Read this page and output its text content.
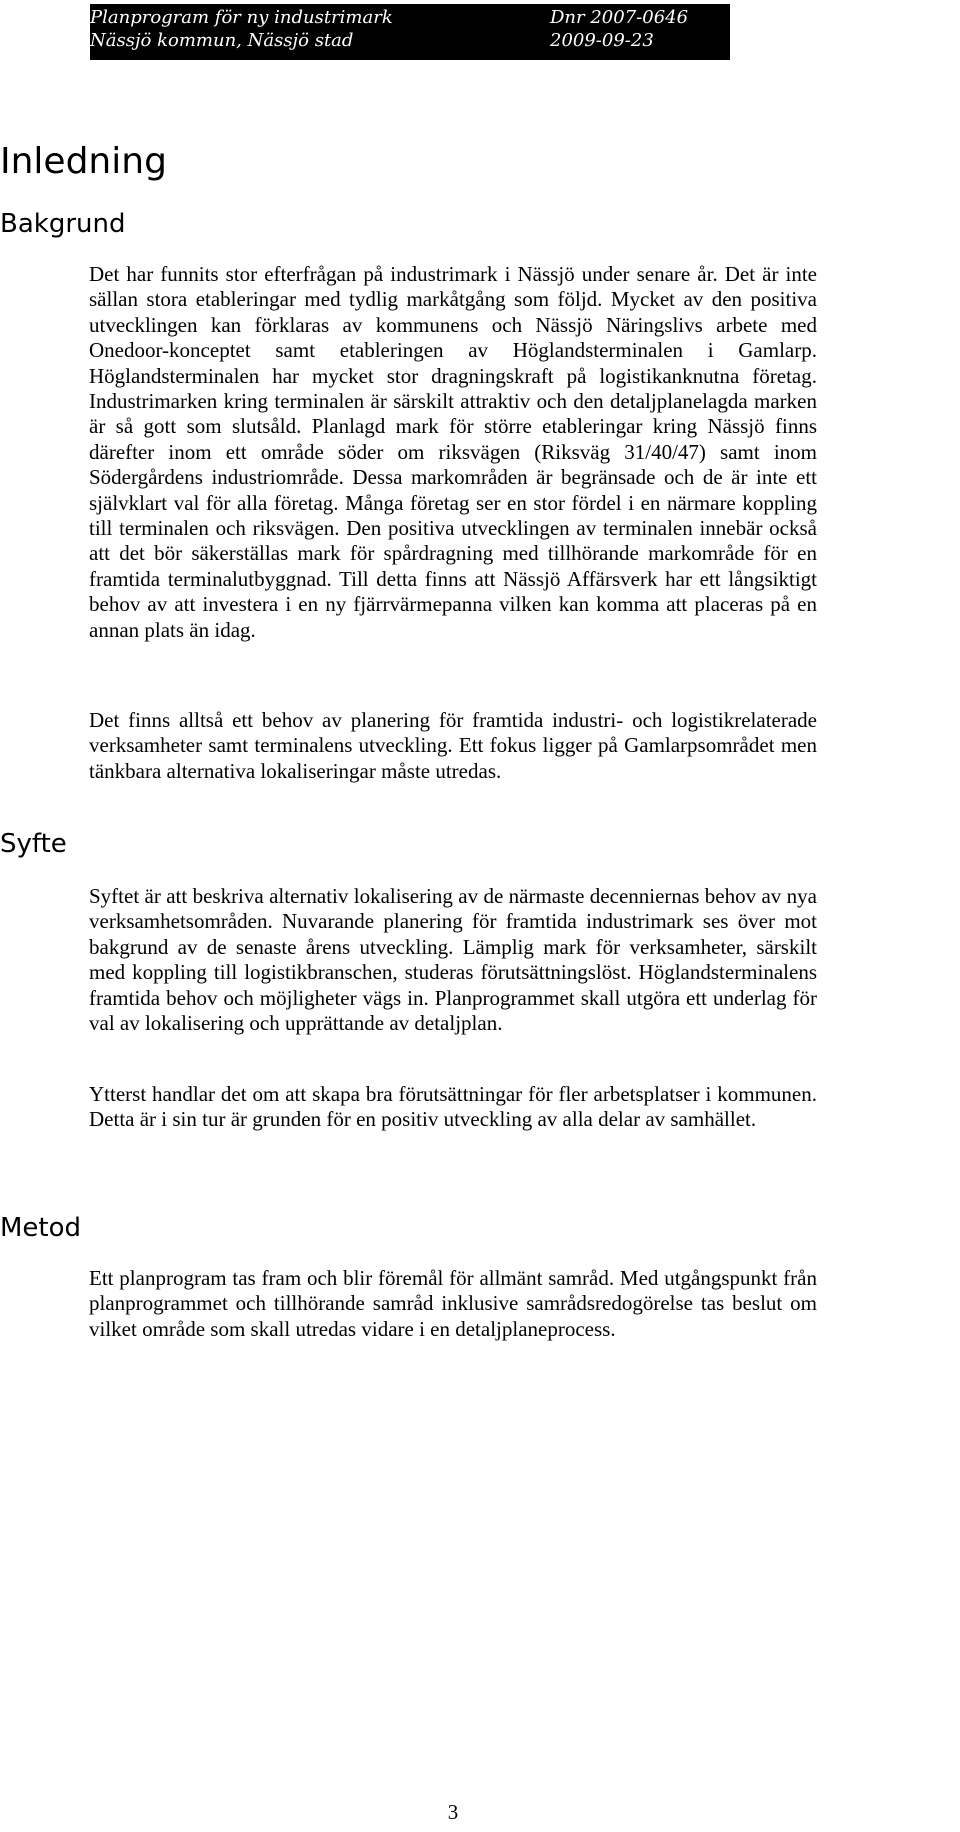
Planprogram för ny industrimark
Nässjö kommun, Nässjö stad
Dnr 2007-0646
2009-09-23
Inledning
Bakgrund

Det har funnits stor efterfrågan på industrimark i Nässjö under senare år. Det är inte sällan stora etableringar med tydlig markåtgång som följd. Mycket av den positiva utvecklingen kan förklaras av kommunens och Nässjö Näringslivs arbete med Onedoor-konceptet samt etableringen av Höglandsterminalen i Gamlarp. Höglandsterminalen har mycket stor dragningskraft på logistikanknutna företag. Industrimarken kring terminalen är särskilt attraktiv och den detaljplanelagda marken är så gott som slutsåld. Planlagd mark för större etableringar kring Nässjö finns därefter inom ett område söder om riksvägen (Riksväg 31/40/47) samt inom Södergårdens industriområde. Dessa markområden är begränsade och de är inte ett självklart val för alla företag. Många företag ser en stor fördel i en närmare koppling till terminalen och riksvägen. Den positiva utvecklingen av terminalen innebär också att det bör säkerställas mark för spårdragning med tillhörande markområde för en framtida terminalutbyggnad. Till detta finns att Nässjö Affärsverk har ett långsiktigt behov av att investera i en ny fjärrvärmepanna vilken kan komma att placeras på en annan plats än idag.

Det finns alltså ett behov av planering för framtida industri- och logistikrelaterade verksamheter samt terminalens utveckling. Ett fokus ligger på Gamlarpsområdet men tänkbara alternativa lokaliseringar måste utredas.

Syfte

Syftet är att beskriva alternativ lokalisering av de närmaste decenniernas behov av nya verksamhetsområden. Nuvarande planering för framtida industrimark ses över mot bakgrund av de senaste årens utveckling. Lämplig mark för verksamheter, särskilt med koppling till logistikbranschen, studeras förutsättningslöst. Höglandsterminalens framtida behov och möjligheter vägs in. Planprogrammet skall utgöra ett underlag för val av lokalisering och upprättande av detaljplan.

Ytterst handlar det om att skapa bra förutsättningar för fler arbetsplatser i kommunen. Detta är i sin tur är grunden för en positiv utveckling av alla delar av samhället.

Metod

Ett planprogram tas fram och blir föremål för allmänt samråd. Med utgångspunkt från planprogrammet och tillhörande samråd inklusive samrådsredogörelse tas beslut om vilket område som skall utredas vidare i en detaljplaneprocess.

3
